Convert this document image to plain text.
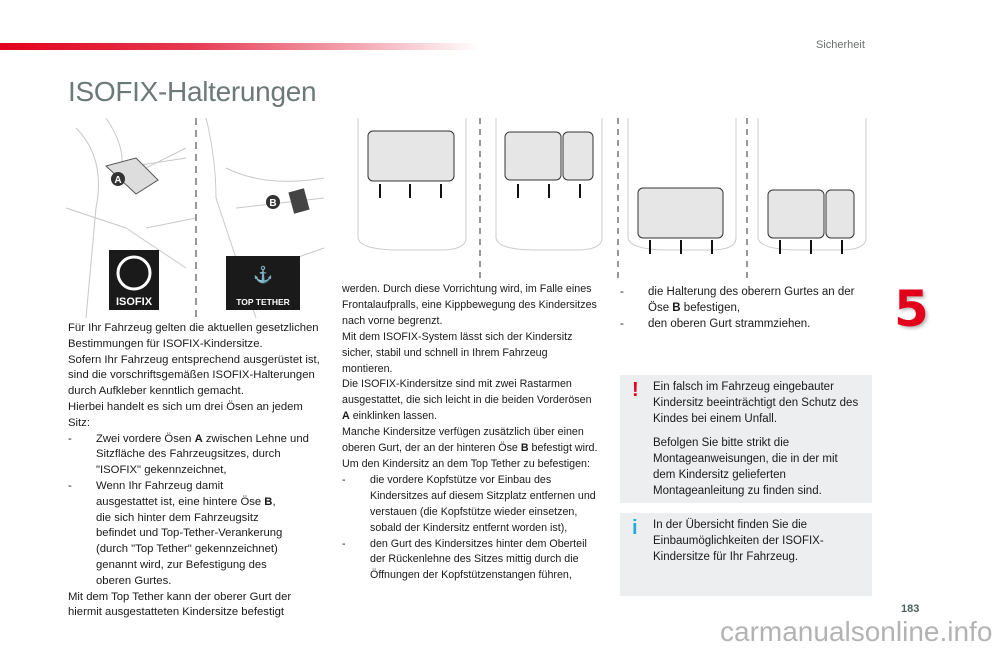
Sicherheit
ISOFIX-Halterungen
A
B
ISOFIX
⚓
TOP TETHER

Für Ihr Fahrzeug gelten die aktuellen gesetzlichen Bestimmungen für ISOFIX-Kindersitze.

Sofern Ihr Fahrzeug entsprechend ausgerüstet ist, sind die vorschriftsgemäßen ISOFIX-Halterungen durch Aufkleber kenntlich gemacht.

Hierbei handelt es sich um drei Ösen an jedem Sitz:

-	Zwei vordere Ösen A zwischen Lehne und Sitzfläche des Fahrzeugsitzes, durch "ISOFIX" gekennzeichnet,
-	Wenn Ihr Fahrzeug damit ausgestattet ist, eine hintere Öse B, die sich hinter dem Fahrzeugsitz befindet und Top-Tether-Verankerung (durch "Top Tether" gekennzeichnet) genannt wird, zur Befestigung des oberen Gurtes.

Mit dem Top Tether kann der oberer Gurt der hiermit ausgestatteten Kindersitze befestigt

werden. Durch diese Vorrichtung wird, im Falle eines Frontalaufpralls, eine Kippbewegung des Kindersitzes nach vorne begrenzt.

Mit dem ISOFIX-System lässt sich der Kindersitz sicher, stabil und schnell in Ihrem Fahrzeug montieren.

Die ISOFIX-Kindersitze sind mit zwei Rastarmen ausgestattet, die sich leicht in die beiden Vorderösen A einklinken lassen.

Manche Kindersitze verfügen zusätzlich über einen oberen Gurt, der an der hinteren Öse B befestigt wird.

Um den Kindersitz an dem Top Tether zu befestigen:

-	die vordere Kopfstütze vor Einbau des Kindersitzes auf diesem Sitzplatz entfernen und verstauen (die Kopfstütze wieder einsetzen, sobald der Kindersitz entfernt worden ist),
-	den Gurt des Kindersitzes hinter dem Oberteil der Rückenlehne des Sitzes mittig durch die Öffnungen der Kopfstützenstangen führen,
-	die Halterung des oberern Gurtes an der Öse B befestigen,
-	den oberen Gurt strammziehen.	5
! Ein falsch im Fahrzeug eingebauter Kindersitz beeinträchtigt den Schutz des Kindes bei einem Unfall.

Befolgen Sie bitte strikt die Montageanweisungen, die in der mit dem Kindersitz gelieferten Montageanleitung zu finden sind.

i In der Übersicht finden Sie die Einbaumöglichkeiten der ISOFIX-Kindersitze für Ihr Fahrzeug.

183
carmanualsonline.info
